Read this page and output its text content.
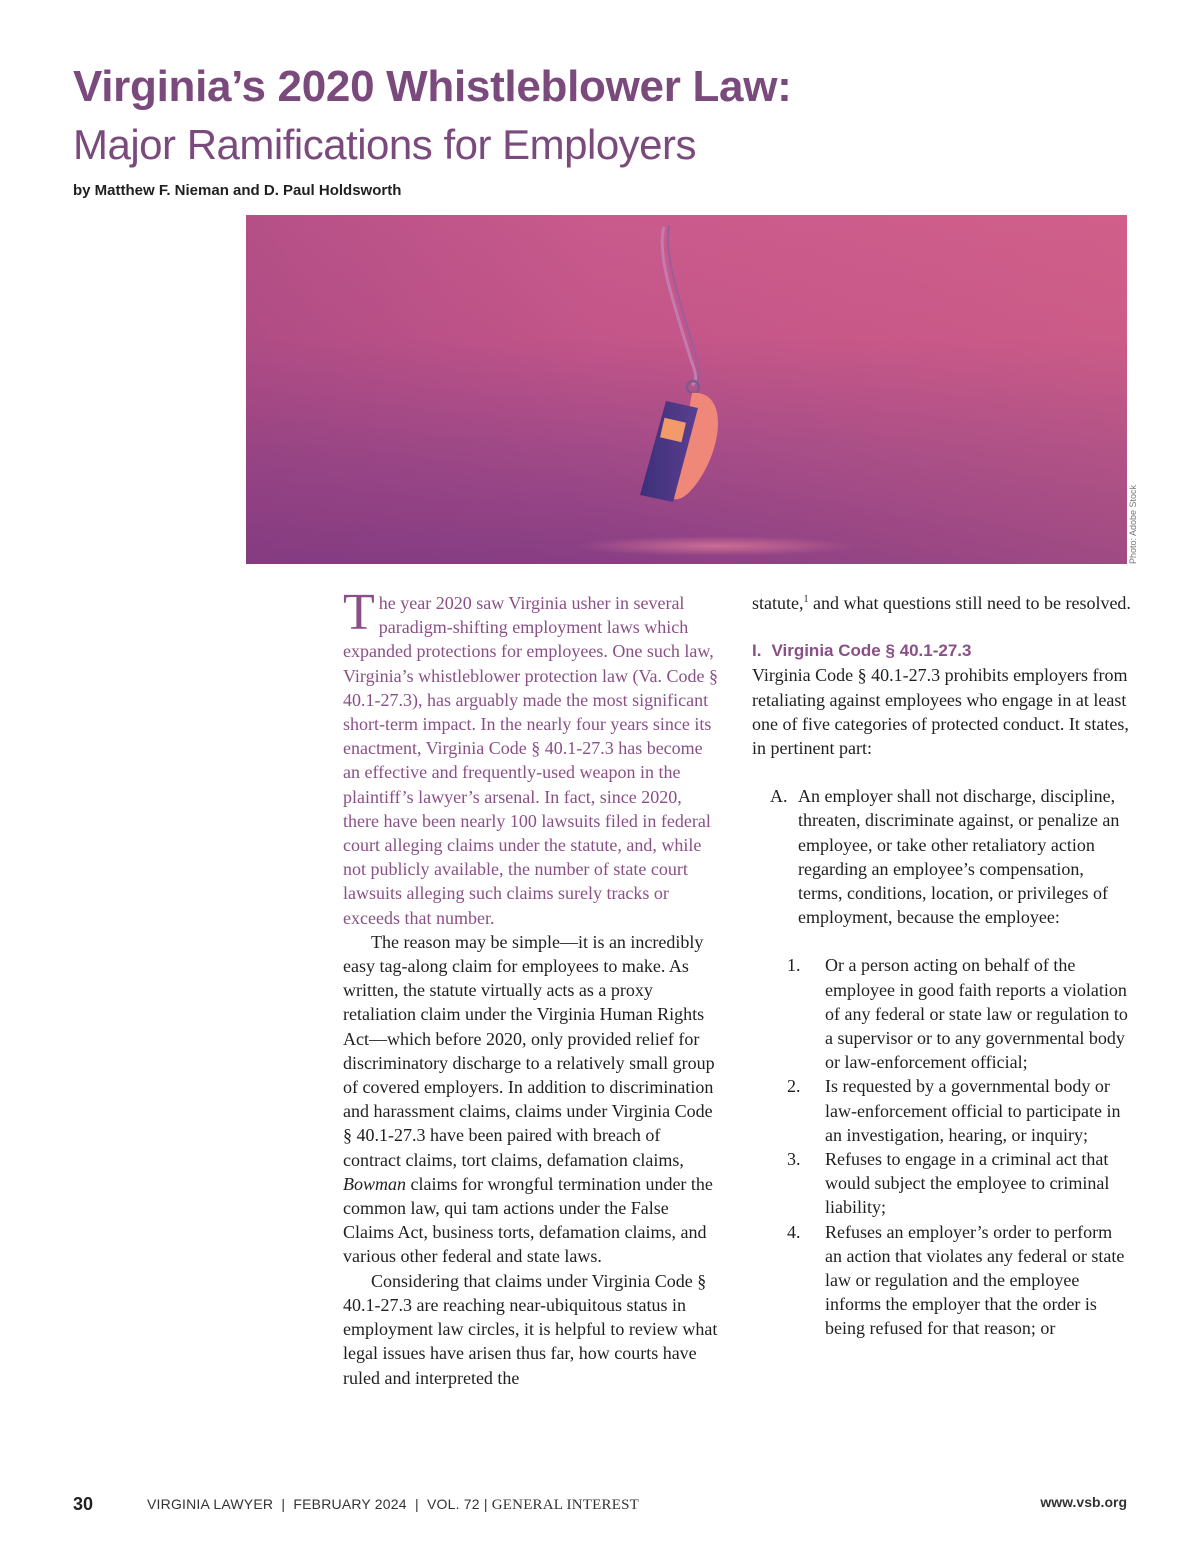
Virginia’s 2020 Whistleblower Law:
Major Ramifications for Employers
by Matthew F. Nieman and D. Paul Holdsworth
Photo: Adobe Stock

The year 2020 saw Virginia usher in several paradigm-shifting employment laws which expanded protections for employees. One such law, Virginia’s whistleblower protection law (Va. Code § 40.1-27.3), has arguably made the most significant short-term impact. In the nearly four years since its enactment, Virginia Code § 40.1-27.3 has become an effective and frequently-used weapon in the plaintiff’s lawyer’s arsenal. In fact, since 2020, there have been nearly 100 lawsuits filed in federal court alleging claims under the statute, and, while not publicly available, the number of state court lawsuits alleging such claims surely tracks or exceeds that number.

The reason may be simple—it is an incredibly easy tag-along claim for employees to make. As written, the statute virtually acts as a proxy retaliation claim under the Virginia Human Rights Act—which before 2020, only provided relief for discriminatory discharge to a relatively small group of covered employers. In addition to discrimination and harassment claims, claims under Virginia Code § 40.1-27.3 have been paired with breach of contract claims, tort claims, defamation claims, Bowman claims for wrongful termination under the common law, qui tam actions under the False Claims Act, business torts, defamation claims, and various other federal and state laws.

Considering that claims under Virginia Code § 40.1-27.3 are reaching near-ubiquitous status in employment law circles, it is helpful to review what legal issues have arisen thus far, how courts have ruled and interpreted the

statute,$^1$ and what questions still need to be resolved.

I. Virginia Code § 40.1-27.3

Virginia Code § 40.1-27.3 prohibits employers from retaliating against employees who engage in at least one of five categories of protected conduct. It states, in pertinent part:

A. An employer shall not discharge, discipline, threaten, discriminate against, or penalize an employee, or take other retaliatory action regarding an employee’s compensation, terms, conditions, location, or privileges of employment, because the employee:

1.	Or a person acting on behalf of the employee in good faith reports a violation of any federal or state law or regulation to a supervisor or to any governmental body or law-enforcement official;
2.	Is requested by a governmental body or law-enforcement official to participate in an investigation, hearing, or inquiry;
3.	Refuses to engage in a criminal act that would subject the employee to criminal liability;
4.	Refuses an employer’s order to perform an action that violates any federal or state law or regulation and the employee informs the employer that the order is being refused for that reason; or
30	VIRGINIA LAWYER  |  FEBRUARY 2024  |  VOL. 72 | GENERAL INTEREST	www.vsb.org
